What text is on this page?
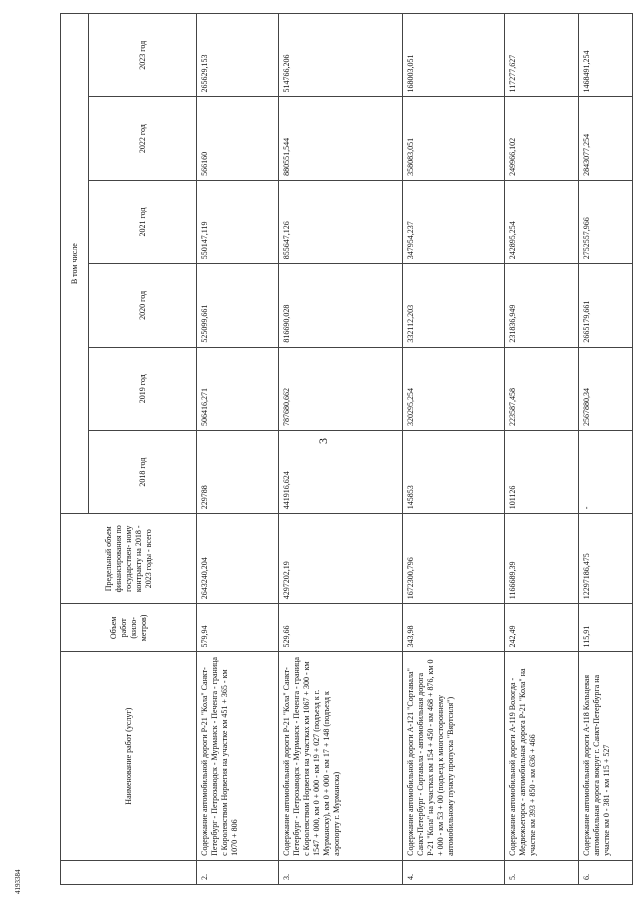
3
4193384
	Наименование работ (услуг)	Объем работ (кило- метров)	Предельный объем финансирования по государствен- ному контракту на 2018 - 2023 годы - всего	В том числе					
				2018 год	2019 год	2020 год	2021 год	2022 год	2023 год
2.	Содержание автомобильной дороги Р-21 "Кола" Санкт-Петербург - Петрозаводск - Мурманск - Печенга - граница с Королевством Норвегия на участке км 451 + 365 - км 1070 + 806	579,94	2643240,204	229788	506416,271	525099,661	550147,119	566160	265629,153
3.	Содержание автомобильной дороги Р-21 "Кола" Санкт-Петербург - Петрозаводск - Мурманск - Печенга - граница с Королевством Норвегия на участках км 1067 + 300 - км 1547 + 000, км 0 + 000 - км 19 + 027 (подъезд к г. Мурманску), км 0 + 000 - км 17 + 148 (подъезд к аэропорту г. Мурманска)	529,66	4297202,19	441916,624	787680,662	816690,028	855647,126	880551,544	514766,206
4.	Содержание автомобильной дороги А-121 "Сортавала" Санкт-Петербург - Сортавала - автомобильная дорога Р-21 "Кола" на участках км 154 + 450 - км 468 + 876, км 0 + 000 - км 53 + 00 (подъезд к многостороннему автомобильному пункту пропуска "Вяртсиля")	343,98	1672300,796	145853	320295,254	332112,203	347954,237	358083,051	168003,051
5.	Содержание автомобильной дороги А-119 Вологда - Медвежьегорск - автомобильная дорога Р-21 "Кола" на участке км 393 + 850 - км 636 + 466	242,49	1166689,39	101126	223587,458	231836,949	242895,254	249966,102	117277,627
6.	Содержание автомобильной дороги А-118 Кольцевая автомобильная дорога вокруг г. Санкт-Петербурга на участке км 0 - 381 - км 115 + 527	115,91	12297186,475	-	2567880,34	2665179,661	2752557,966	2843077,254	1468491,254
